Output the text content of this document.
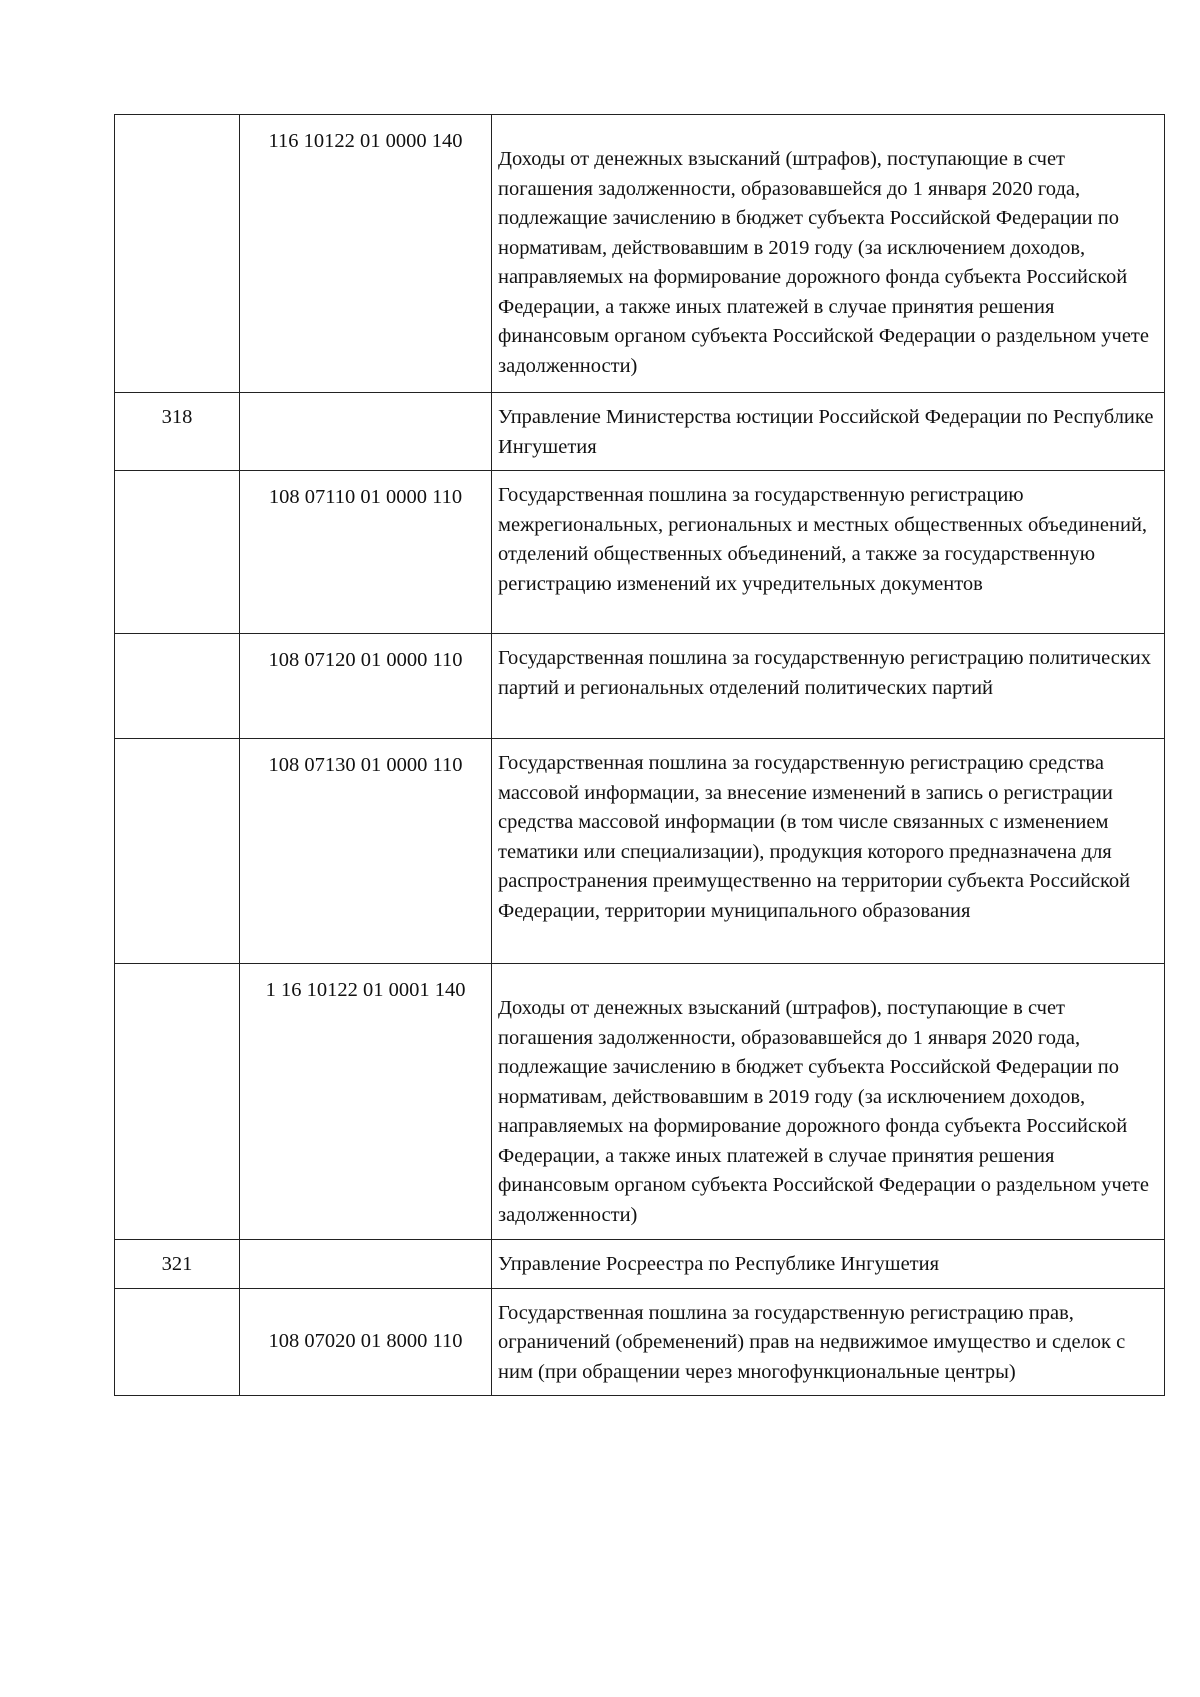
	116 10122 01 0000 140	Доходы от денежных взысканий (штрафов), поступающие в счет погашения задолженности, образовавшейся до 1 января 2020 года, подлежащие зачислению в бюджет субъекта Российской Федерации по нормативам, действовавшим в 2019 году (за исключением доходов, направляемых на формирование дорожного фонда субъекта Российской Федерации, а также иных платежей в случае принятия решения финансовым органом субъекта Российской Федерации о раздельном учете задолженности)
318		Управление Министерства юстиции Российской Федерации по Республике Ингушетия
	108 07110 01 0000 110	Государственная пошлина за государственную регистрацию межрегиональных, региональных и местных общественных объединений, отделений общественных объединений, а также за государственную регистрацию изменений их учредительных документов
	108 07120 01 0000 110	Государственная пошлина за государственную регистрацию политических партий и региональных отделений политических партий
	108 07130 01 0000 110	Государственная пошлина за государственную регистрацию средства массовой информации, за внесение изменений в запись о регистрации средства массовой информации (в том числе связанных с изменением тематики или специализации), продукция которого предназначена для распространения преимущественно на территории субъекта Российской Федерации, территории муниципального образования
	1 16 10122 01 0001 140	Доходы от денежных взысканий (штрафов), поступающие в счет погашения задолженности, образовавшейся до 1 января 2020 года, подлежащие зачислению в бюджет субъекта Российской Федерации по нормативам, действовавшим в 2019 году (за исключением доходов, направляемых на формирование дорожного фонда субъекта Российской Федерации, а также иных платежей в случае принятия решения финансовым органом субъекта Российской Федерации о раздельном учете задолженности)
321		Управление Росреестра по Республике Ингушетия
	108 07020 01 8000 110	Государственная пошлина за государственную регистрацию прав, ограничений (обременений) прав на недвижимое имущество и сделок с ним (при обращении через многофункциональные центры)
